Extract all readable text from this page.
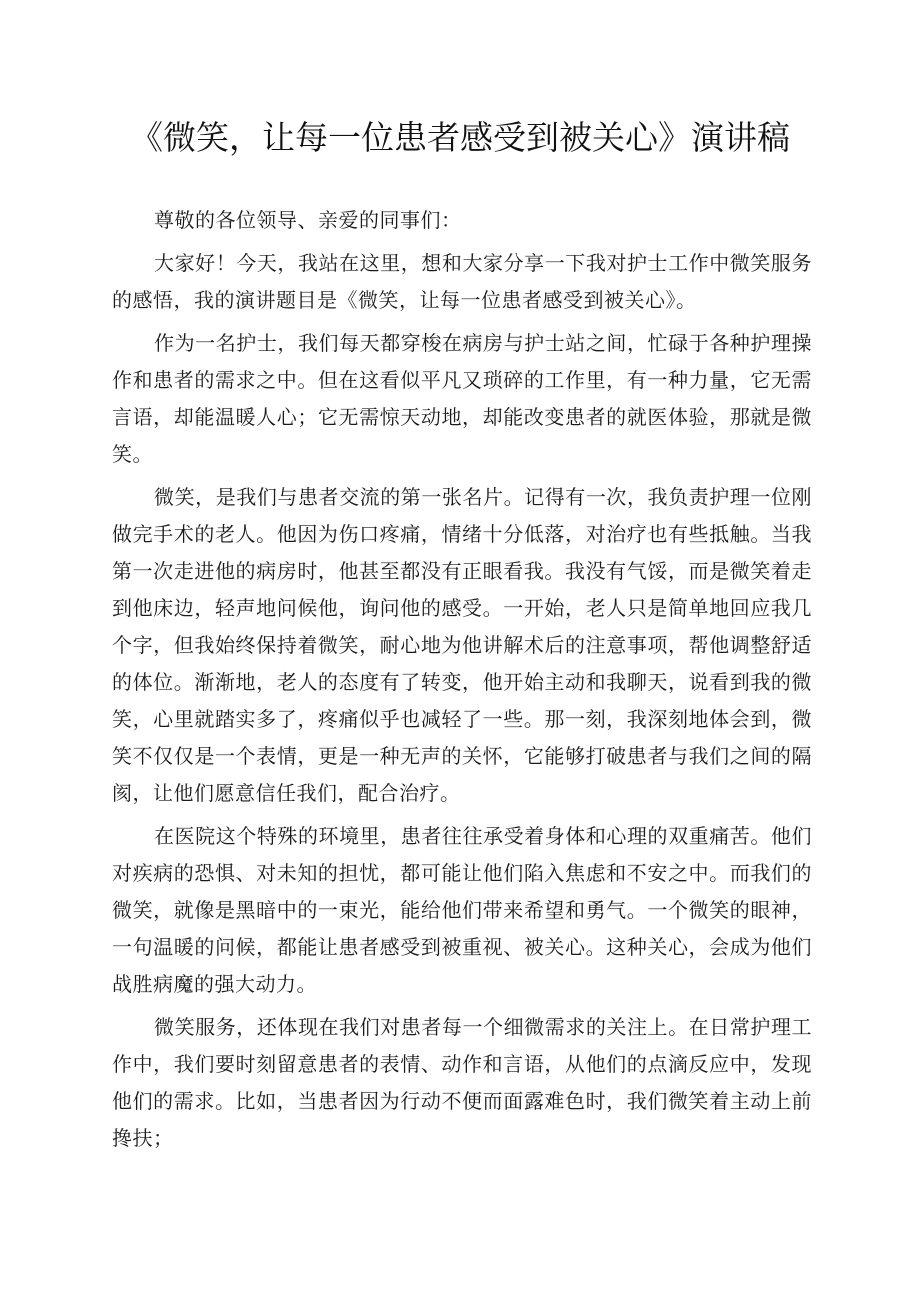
《微笑，让每一位患者感受到被关心》演讲稿

尊敬的各位领导、亲爱的同事们：

大家好！今天，我站在这里，想和大家分享一下我对护士工作中微笑服务的感悟，我的演讲题目是《微笑，让每一位患者感受到被关心》。

作为一名护士，我们每天都穿梭在病房与护士站之间，忙碌于各种护理操作和患者的需求之中。但在这看似平凡又琐碎的工作里，有一种力量，它无需言语，却能温暖人心；它无需惊天动地，却能改变患者的就医体验，那就是微笑。

微笑，是我们与患者交流的第一张名片。记得有一次，我负责护理一位刚做完手术的老人。他因为伤口疼痛，情绪十分低落，对治疗也有些抵触。当我第一次走进他的病房时，他甚至都没有正眼看我。我没有气馁，而是微笑着走到他床边，轻声地问候他，询问他的感受。一开始，老人只是简单地回应我几个字，但我始终保持着微笑，耐心地为他讲解术后的注意事项，帮他调整舒适的体位。渐渐地，老人的态度有了转变，他开始主动和我聊天，说看到我的微笑，心里就踏实多了，疼痛似乎也减轻了一些。那一刻，我深刻地体会到，微笑不仅仅是一个表情，更是一种无声的关怀，它能够打破患者与我们之间的隔阂，让他们愿意信任我们，配合治疗。

在医院这个特殊的环境里，患者往往承受着身体和心理的双重痛苦。他们对疾病的恐惧、对未知的担忧，都可能让他们陷入焦虑和不安之中。而我们的微笑，就像是黑暗中的一束光，能给他们带来希望和勇气。一个微笑的眼神，一句温暖的问候，都能让患者感受到被重视、被关心。这种关心，会成为他们战胜病魔的强大动力。

微笑服务，还体现在我们对患者每一个细微需求的关注上。在日常护理工作中，我们要时刻留意患者的表情、动作和言语，从他们的点滴反应中，发现他们的需求。比如，当患者因为行动不便而面露难色时，我们微笑着主动上前搀扶；
